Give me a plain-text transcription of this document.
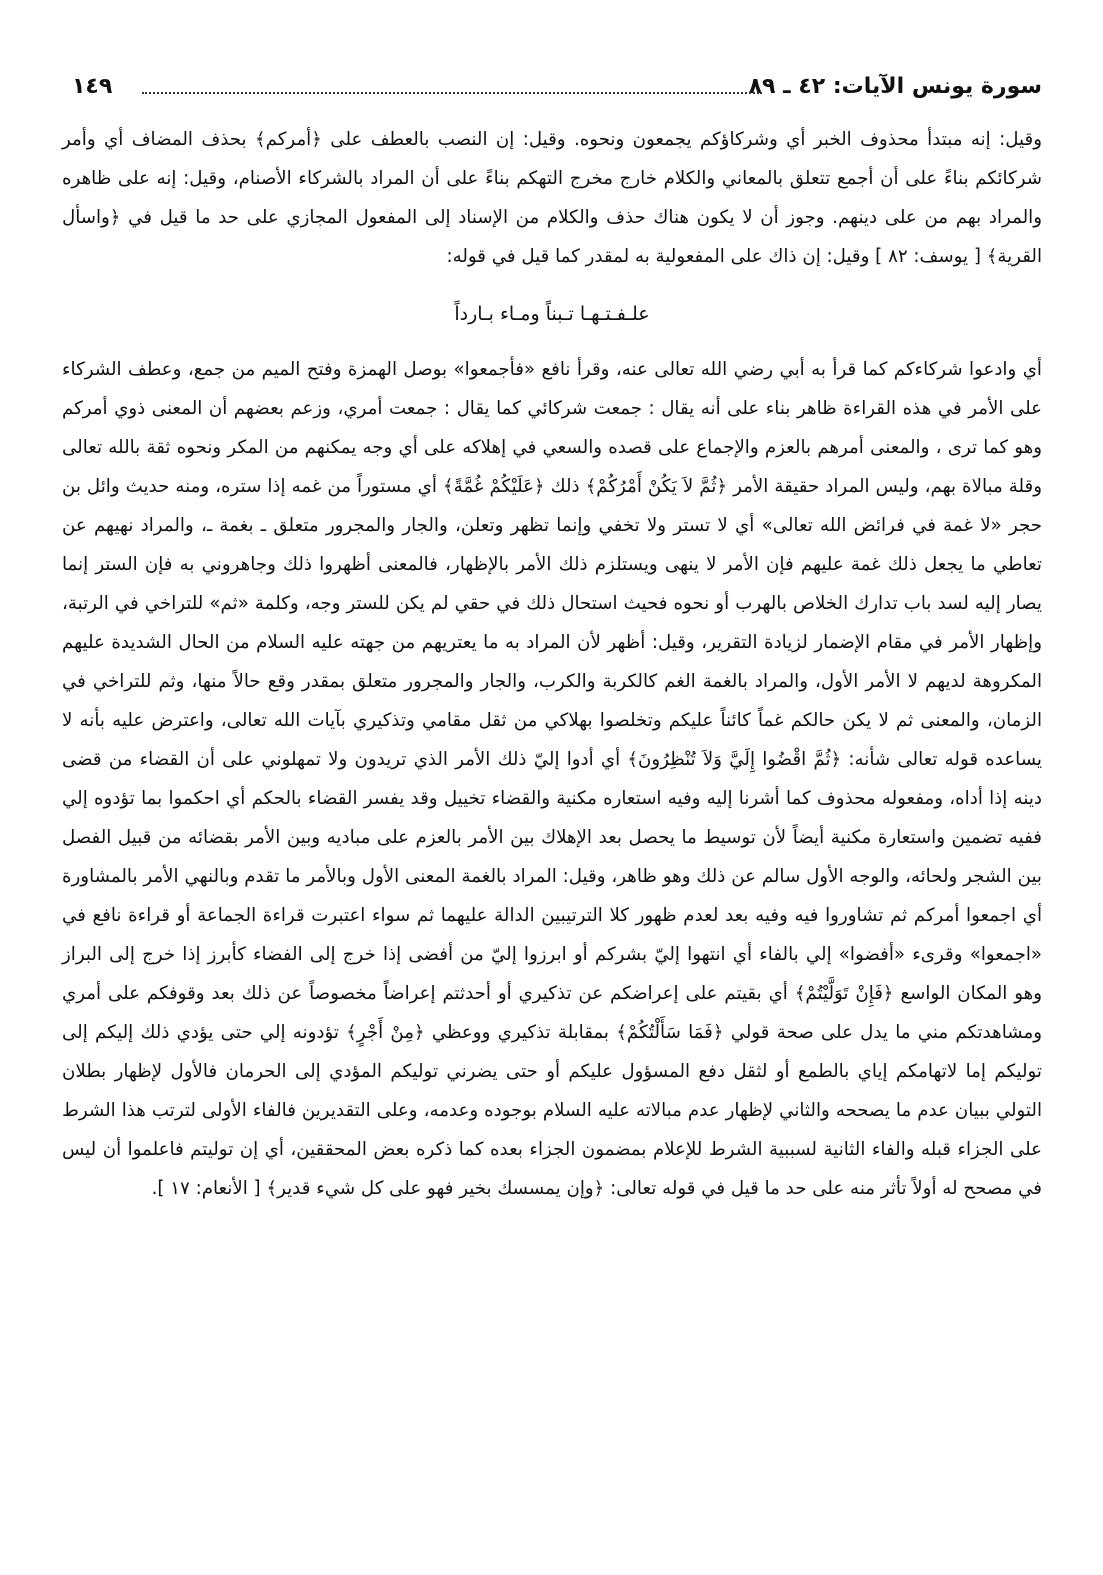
سورة يونس الآيات: ٤٢ ـ ٨٩
١٤٩

وقيل: إنه مبتدأ محذوف الخبر أي وشركاؤكم يجمعون ونحوه. وقيل: إن النصب بالعطف على ﴿أمركم﴾ بحذف المضاف أي وأمر شركائكم بناءً على أن أجمع تتعلق بالمعاني والكلام خارج مخرج التهكم بناءً على أن المراد بالشركاء الأصنام، وقيل: إنه على ظاهره والمراد بهم من على دينهم. وجوز أن لا يكون هناك حذف والكلام من الإسناد إلى المفعول المجازي على حد ما قيل في ﴿واسأل القرية﴾ [ يوسف: ٨٢ ] وقيل: إن ذاك على المفعولية به لمقدر كما قيل في قوله:

علـفـتـهـا تـبناً ومـاء بـارداً

أي وادعوا شركاءكم كما قرأ به أبي رضي الله تعالى عنه، وقرأ نافع «فأجمعوا» بوصل الهمزة وفتح الميم من جمع، وعطف الشركاء على الأمر في هذه القراءة ظاهر بناء على أنه يقال : جمعت شركائي كما يقال : جمعت أمري، وزعم بعضهم أن المعنى ذوي أمركم وهو كما ترى ، والمعنى أمرهم بالعزم والإجماع على قصده والسعي في إهلاكه على أي وجه يمكنهم من المكر ونحوه ثقة بالله تعالى وقلة مبالاة بهم، وليس المراد حقيقة الأمر ﴿ثُمَّ لاَ يَكُنْ أَمْرُكُمْ﴾ ذلك ﴿عَلَيْكُمْ غُمَّةً﴾ أي مستوراً من غمه إذا ستره، ومنه حديث وائل بن حجر «لا غمة في فرائض الله تعالى» أي لا تستر ولا تخفي وإنما تظهر وتعلن، والجار والمجرور متعلق ـ بغمة ـ، والمراد نهيهم عن تعاطي ما يجعل ذلك غمة عليهم فإن الأمر لا ينهى ويستلزم ذلك الأمر بالإظهار، فالمعنى أظهروا ذلك وجاهروني به فإن الستر إنما يصار إليه لسد باب تدارك الخلاص بالهرب أو نحوه فحيث استحال ذلك في حقي لم يكن للستر وجه، وكلمة «ثم» للتراخي في الرتبة، وإظهار الأمر في مقام الإضمار لزيادة التقرير، وقيل: أظهر لأن المراد به ما يعتريهم من جهته عليه السلام من الحال الشديدة عليهم المكروهة لديهم لا الأمر الأول، والمراد بالغمة الغم كالكربة والكرب، والجار والمجرور متعلق بمقدر وقع حالاً منها، وثم للتراخي في الزمان، والمعنى ثم لا يكن حالكم غماً كائناً عليكم وتخلصوا بهلاكي من ثقل مقامي وتذكيري بآيات الله تعالى، واعترض عليه بأنه لا يساعده قوله تعالى شأنه: ﴿ثُمَّ اقْضُوا إِلَيَّ وَلاَ تُنْظِرُونَ﴾ أي أدوا إليّ ذلك الأمر الذي تريدون ولا تمهلوني على أن القضاء من قضى دينه إذا أداه، ومفعوله محذوف كما أشرنا إليه وفيه استعاره مكنية والقضاء تخييل وقد يفسر القضاء بالحكم أي احكموا بما تؤدوه إلي ففيه تضمين واستعارة مكنية أيضاً لأن توسيط ما يحصل بعد الإهلاك بين الأمر بالعزم على مباديه وبين الأمر بقضائه من قبيل الفصل بين الشجر ولحائه، والوجه الأول سالم عن ذلك وهو ظاهر، وقيل: المراد بالغمة المعنى الأول وبالأمر ما تقدم وبالنهي الأمر بالمشاورة أي اجمعوا أمركم ثم تشاوروا فيه وفيه بعد لعدم ظهور كلا الترتيبين الدالة عليهما ثم سواء اعتبرت قراءة الجماعة أو قراءة نافع في «اجمعوا» وقرىء «أفضوا» إلي بالفاء أي انتهوا إليّ بشركم أو ابرزوا إليّ من أفضى إذا خرج إلى الفضاء كأبرز إذا خرج إلى البراز وهو المكان الواسع ﴿فَإِنْ تَوَلَّيْتُمْ﴾ أي بقيتم على إعراضكم عن تذكيري أو أحدثتم إعراضاً مخصوصاً عن ذلك بعد وقوفكم على أمري ومشاهدتكم مني ما يدل على صحة قولي ﴿فَمَا سَأَلْتُكُمْ﴾ بمقابلة تذكيري ووعظي ﴿مِنْ أَجْرٍ﴾ تؤدونه إلي حتى يؤدي ذلك إليكم إلى توليكم إما لاتهامكم إياي بالطمع أو لثقل دفع المسؤول عليكم أو حتى يضرني توليكم المؤدي إلى الحرمان فالأول لإظهار بطلان التولي ببيان عدم ما يصححه والثاني لإظهار عدم مبالاته عليه السلام بوجوده وعدمه، وعلى التقديرين فالفاء الأولى لترتب هذا الشرط على الجزاء قبله والفاء الثانية لسببية الشرط للإعلام بمضمون الجزاء بعده كما ذكره بعض المحققين، أي إن توليتم فاعلموا أن ليس في مصحح له أولاً تأثر منه على حد ما قيل في قوله تعالى: ﴿وإن يمسسك بخير فهو على كل شيء قدير﴾ [ الأنعام: ١٧ ].
